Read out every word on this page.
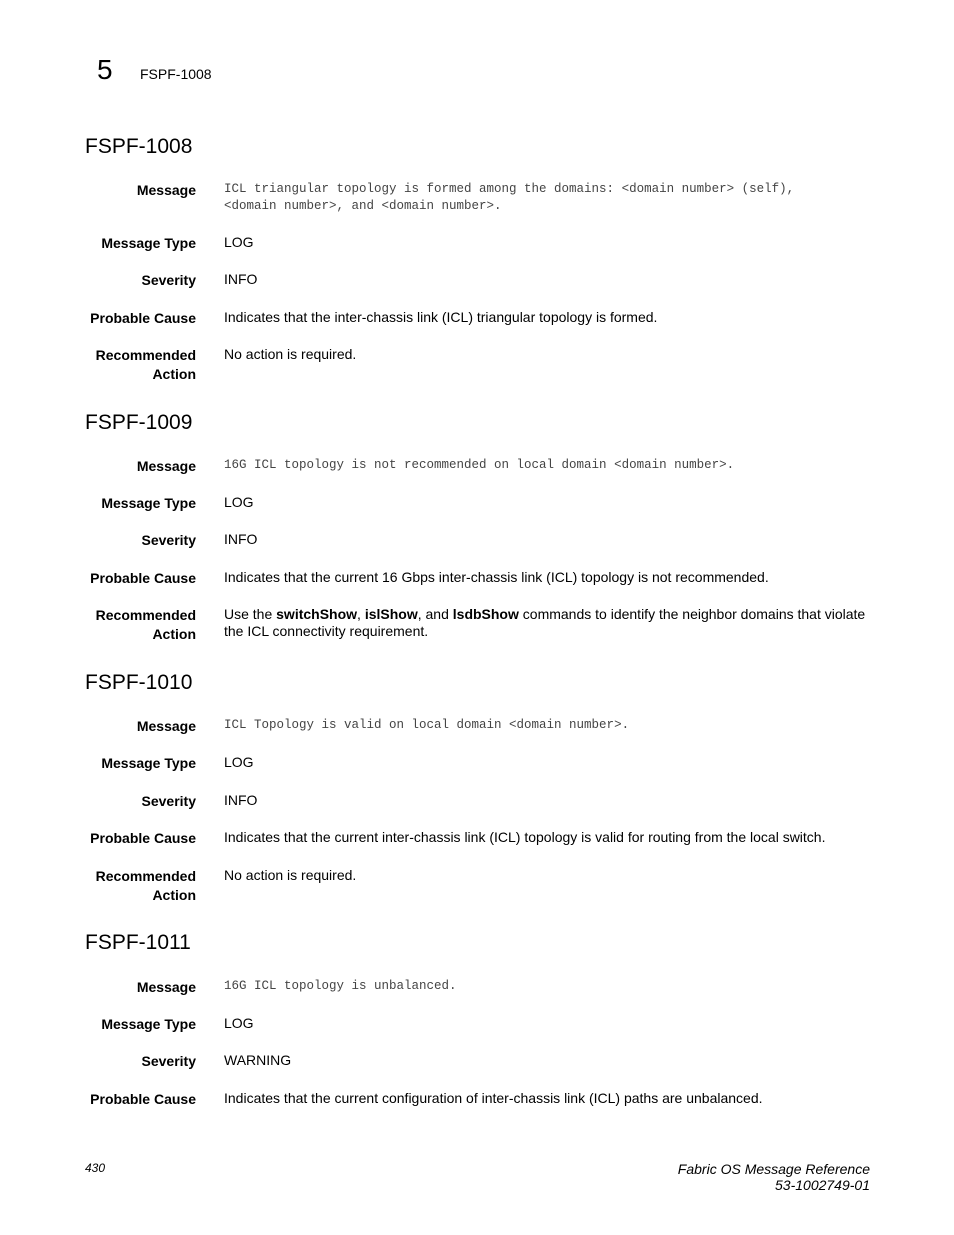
5 FSPF-1008
FSPF-1008
Message ICL triangular topology is formed among the domains: <domain number> (self),
<domain number>, and <domain number>.
Message Type LOG
Severity INFO
Probable Cause Indicates that the inter-chassis link (ICL) triangular topology is formed.
Recommended
Action
No action is required.
FSPF-1009
Message 16G ICL topology is not recommended on local domain <domain number>.
Message Type LOG
Severity INFO
Probable Cause Indicates that the current 16 Gbps inter-chassis link (ICL) topology is not recommended.
Recommended
Action
Use the switchShow, islShow, and lsdbShow commands to identify the neighbor domains that violate
the ICL connectivity requirement.
FSPF-1010
Message ICL Topology is valid on local domain <domain number>.
Message Type LOG
Severity INFO
Probable Cause Indicates that the current inter-chassis link (ICL) topology is valid for routing from the local switch.
Recommended
Action
No action is required.
FSPF-1011
Message 16G ICL topology is unbalanced.
Message Type LOG
Severity WARNING
Probable Cause Indicates that the current configuration of inter-chassis link (ICL) paths are unbalanced.
430	Fabric OS Message Reference
53-1002749-01
